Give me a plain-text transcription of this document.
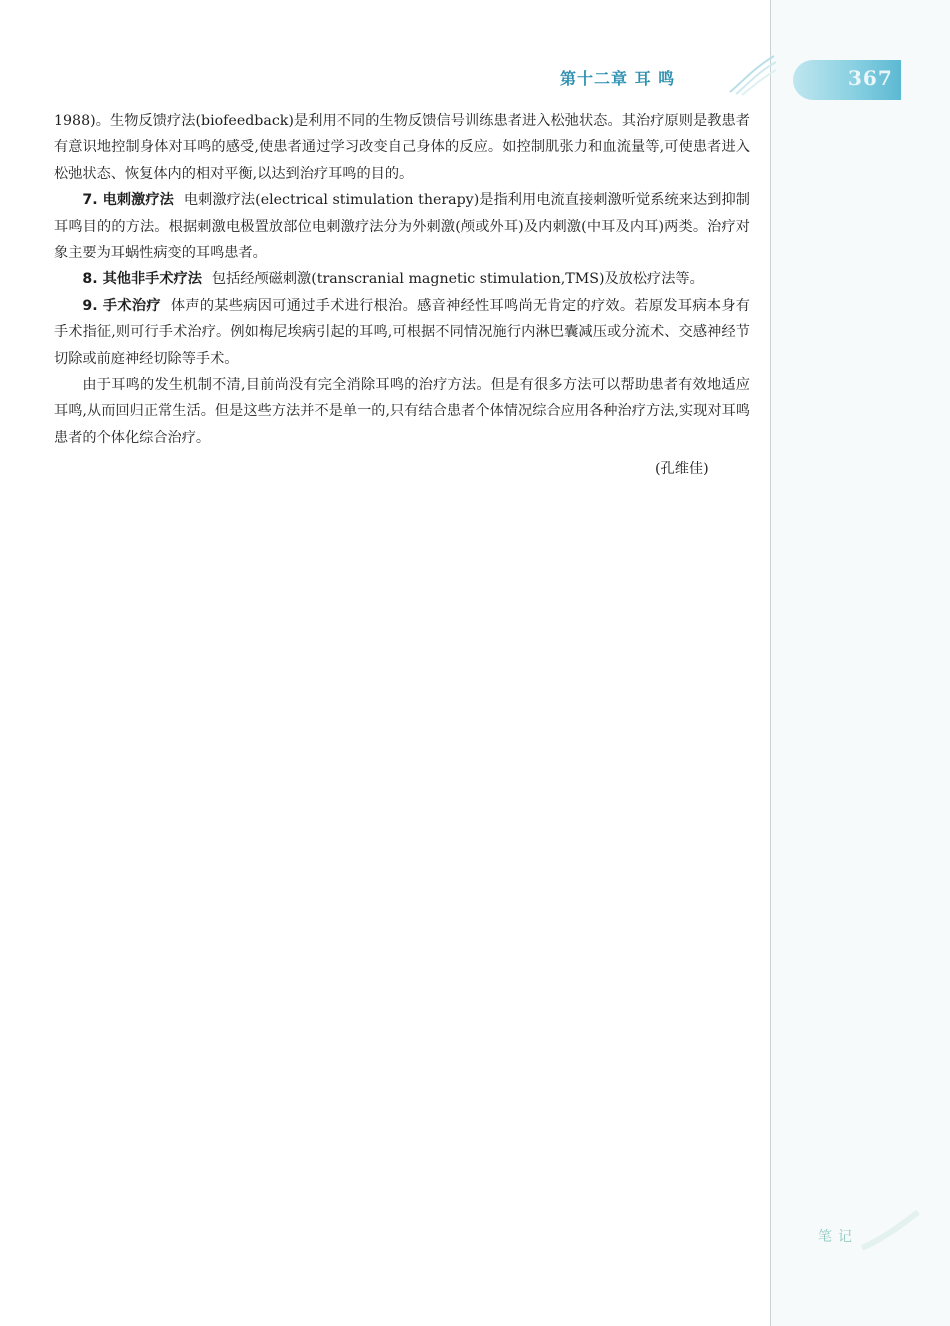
第十二章 耳 鸣	367

1988)。生物反馈疗法(biofeedback)是利用不同的生物反馈信号训练患者进入松弛状态。其治疗原则是教患者有意识地控制身体对耳鸣的感受,使患者通过学习改变自己身体的反应。如控制肌张力和血流量等,可使患者进入松弛状态、恢复体内的相对平衡,以达到治疗耳鸣的目的。

7. 电刺激疗法 电刺激疗法(electrical stimulation therapy)是指利用电流直接刺激听觉系统来达到抑制耳鸣目的的方法。根据刺激电极置放部位电刺激疗法分为外刺激(颅或外耳)及内刺激(中耳及内耳)两类。治疗对象主要为耳蜗性病变的耳鸣患者。

8. 其他非手术疗法 包括经颅磁刺激(transcranial magnetic stimulation,TMS)及放松疗法等。

9. 手术治疗 体声的某些病因可通过手术进行根治。感音神经性耳鸣尚无肯定的疗效。若原发耳病本身有手术指征,则可行手术治疗。例如梅尼埃病引起的耳鸣,可根据不同情况施行内淋巴囊减压或分流术、交感神经节切除或前庭神经切除等手术。

由于耳鸣的发生机制不清,目前尚没有完全消除耳鸣的治疗方法。但是有很多方法可以帮助患者有效地适应耳鸣,从而回归正常生活。但是这些方法并不是单一的,只有结合患者个体情况综合应用各种治疗方法,实现对耳鸣患者的个体化综合治疗。

(孔维佳)
笔记
